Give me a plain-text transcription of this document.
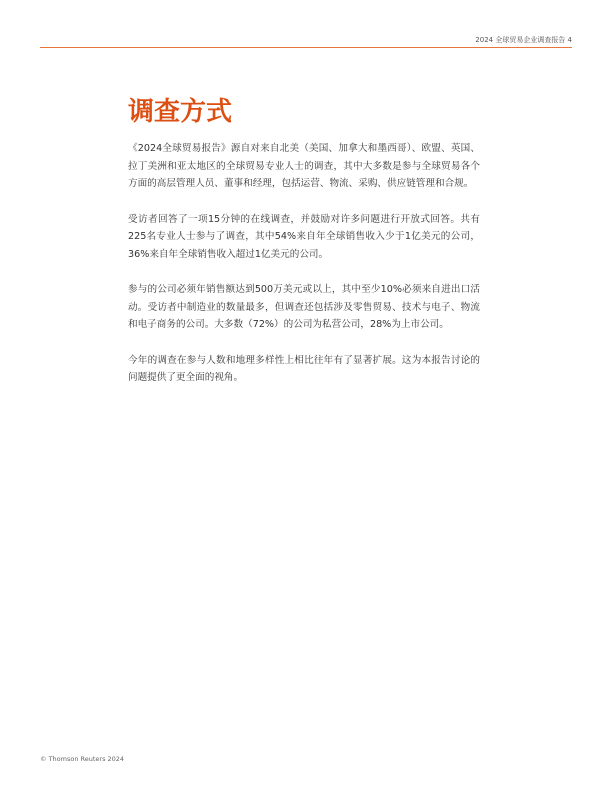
2024 全球贸易企业调查报告 4
调查方式

《2024全球贸易报告》源自对来自北美（美国、加拿大和墨西哥）、欧盟、英国、拉丁美洲和亚太地区的全球贸易专业人士的调查，其中大多数是参与全球贸易各个方面的高层管理人员、董事和经理，包括运营、物流、采购、供应链管理和合规。

受访者回答了一项15分钟的在线调查，并鼓励对许多问题进行开放式回答。共有225名专业人士参与了调查，其中54%来自年全球销售收入少于1亿美元的公司，36%来自年全球销售收入超过1亿美元的公司。

参与的公司必须年销售额达到500万美元或以上，其中至少10%必须来自进出口活动。受访者中制造业的数量最多，但调查还包括涉及零售贸易、技术与电子、物流和电子商务的公司。大多数（72%）的公司为私营公司，28%为上市公司。

今年的调查在参与人数和地理多样性上相比往年有了显著扩展。这为本报告讨论的问题提供了更全面的视角。

© Thomson Reuters 2024
